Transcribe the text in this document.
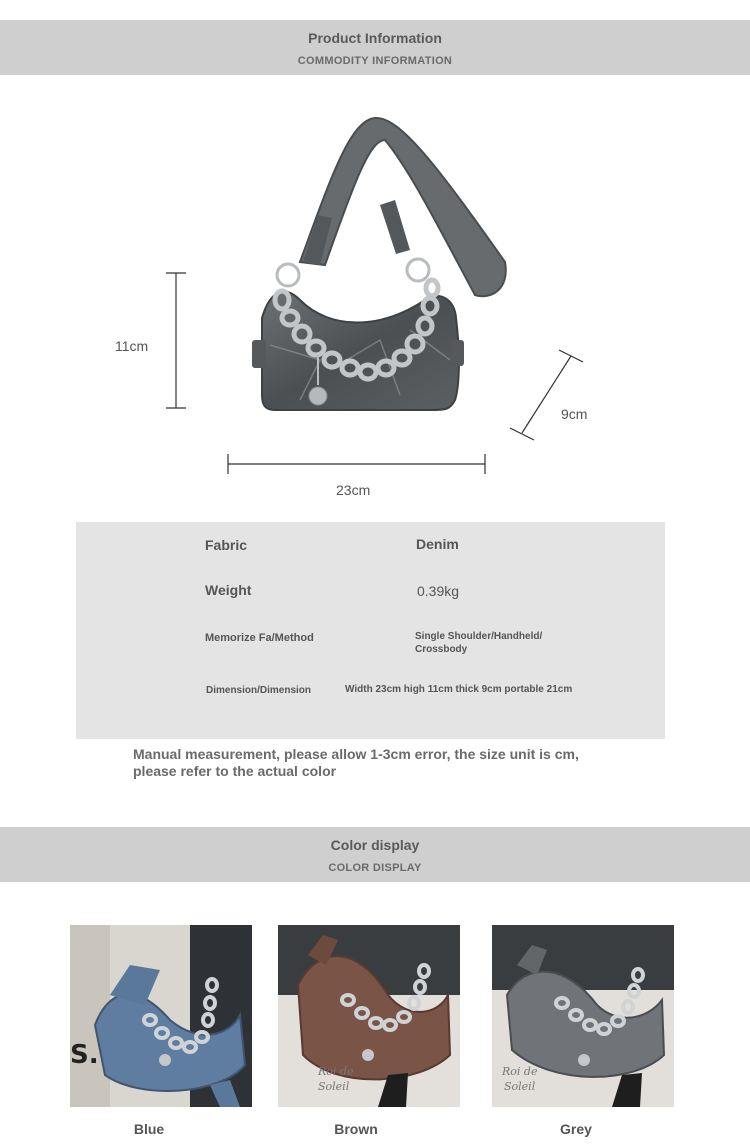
Product Information
COMMODITY INFORMATION
11cm
9cm
23cm
Fabric	Denim
Weight	0.39kg
Memorize Fa/Method	Single Shoulder/Handheld/
Crossbody
Dimension/Dimension	Width 23cm high 11cm thick 9cm portable 21cm
Manual measurement, please allow 1-3cm error, the size unit is cm,
please refer to the actual color
Color display
COLOR DISPLAY
S.
Roi de
Soleil
Roi de
Soleil
Blue	Brown	Grey
